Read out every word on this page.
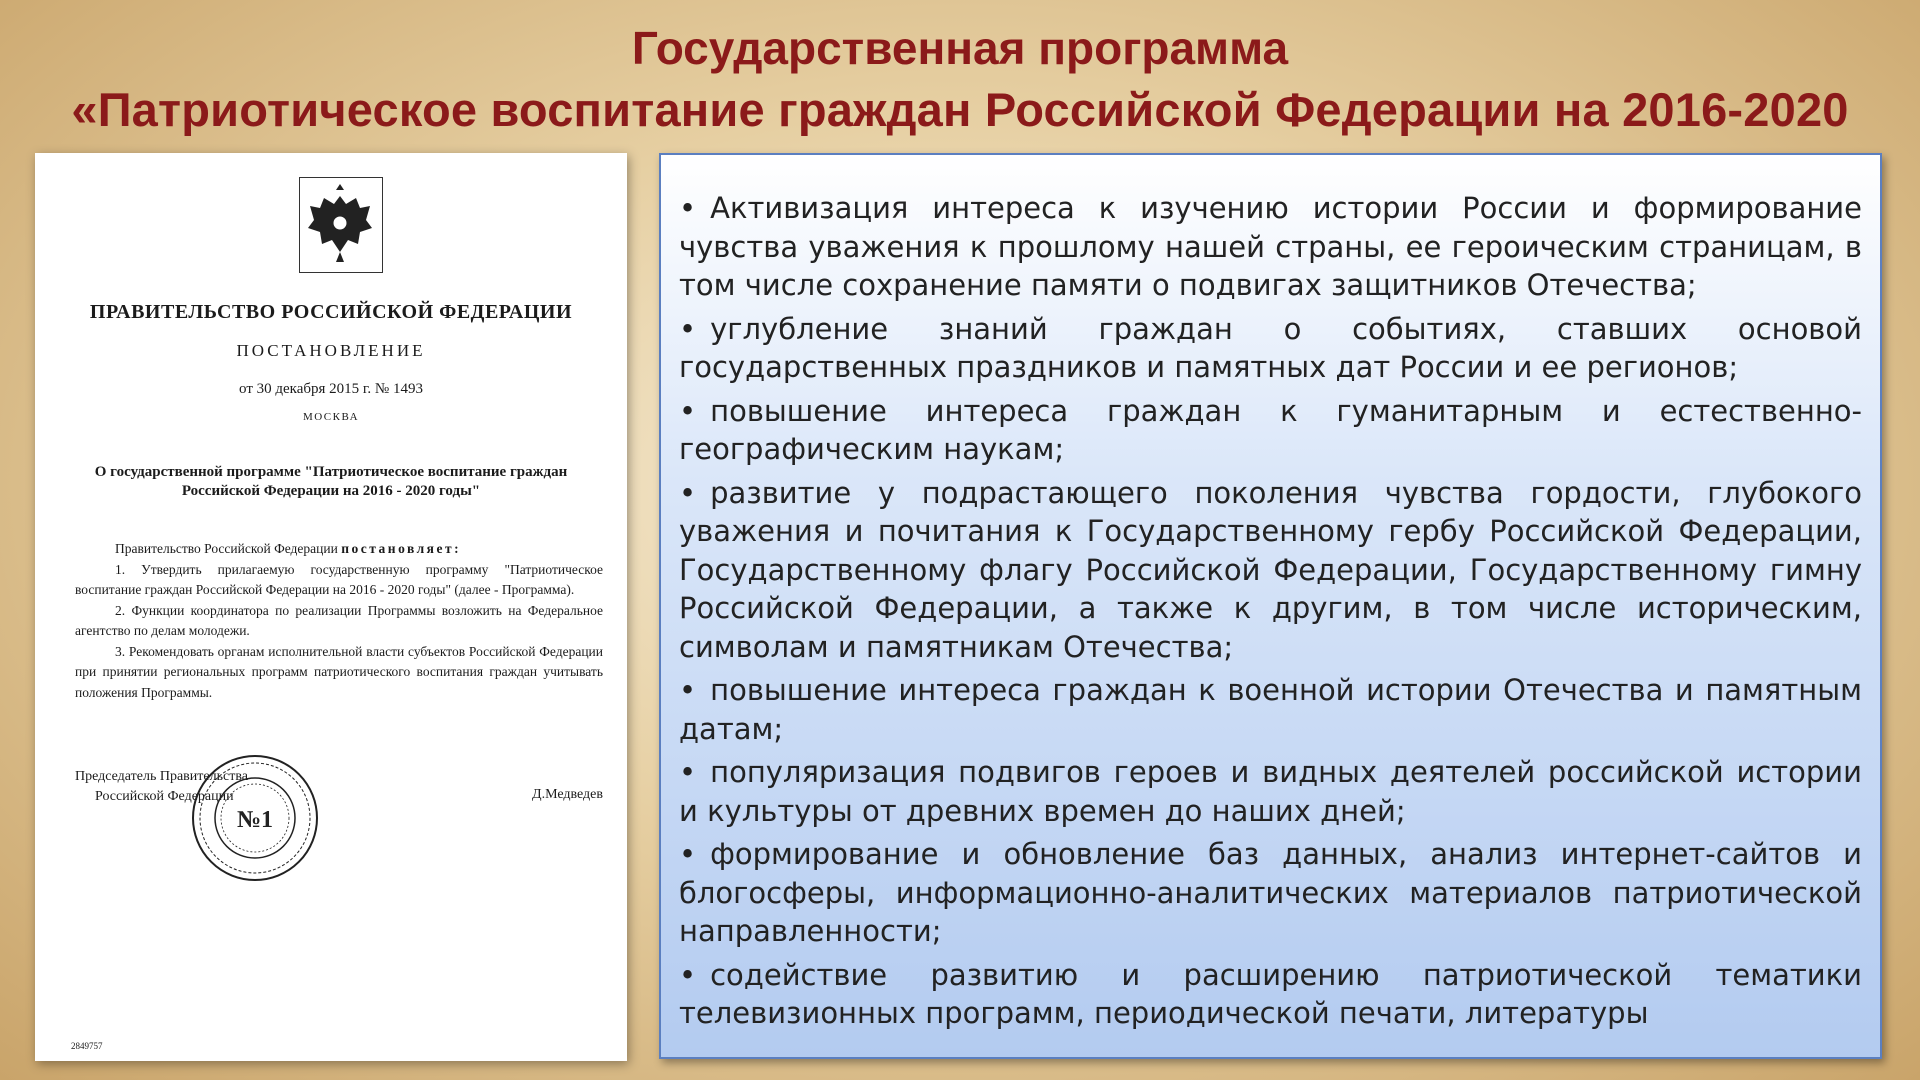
Государственная программа
«Патриотическое воспитание граждан Российской Федерации на 2016-2020
ПРАВИТЕЛЬСТВО РОССИЙСКОЙ ФЕДЕРАЦИИ
ПОСТАНОВЛЕНИЕ
от 30 декабря 2015 г. № 1493
МОСКВА
О государственной программе "Патриотическое воспитание граждан Российской Федерации на 2016 - 2020 годы"

Правительство Российской Федерации постановляет:

1. Утвердить прилагаемую государственную программу "Патриотическое воспитание граждан Российской Федерации на 2016 - 2020 годы" (далее - Программа).

2. Функции координатора по реализации Программы возложить на Федеральное агентство по делам молодежи.

3. Рекомендовать органам исполнительной власти субъектов Российской Федерации при принятии региональных программ патриотического воспитания граждан учитывать положения Программы.

Председатель Правительства
Российской Федерации	Д.Медведев
№1
2849757
• Активизация интереса к изучению истории России и формирование чувства уважения к прошлому нашей страны, ее героическим страницам, в том числе сохранение памяти о подвигах защитников Отечества;
• углубление знаний граждан о событиях, ставших основой государственных праздников и памятных дат России и ее регионов;
• повышение интереса граждан к гуманитарным и естественно-географическим наукам;
• развитие у подрастающего поколения чувства гордости, глубокого уважения и почитания к Государственному гербу Российской Федерации, Государственному флагу Российской Федерации, Государственному гимну Российской Федерации, а также к другим, в том числе историческим, символам и памятникам Отечества;
• повышение интереса граждан к военной истории Отечества и памятным датам;
• популяризация подвигов героев и видных деятелей российской истории и культуры от древних времен до наших дней;
• формирование и обновление баз данных, анализ интернет-сайтов и блогосферы, информационно-аналитических материалов патриотической направленности;
• содействие развитию и расширению патриотической тематики телевизионных программ, периодической печати, литературы
